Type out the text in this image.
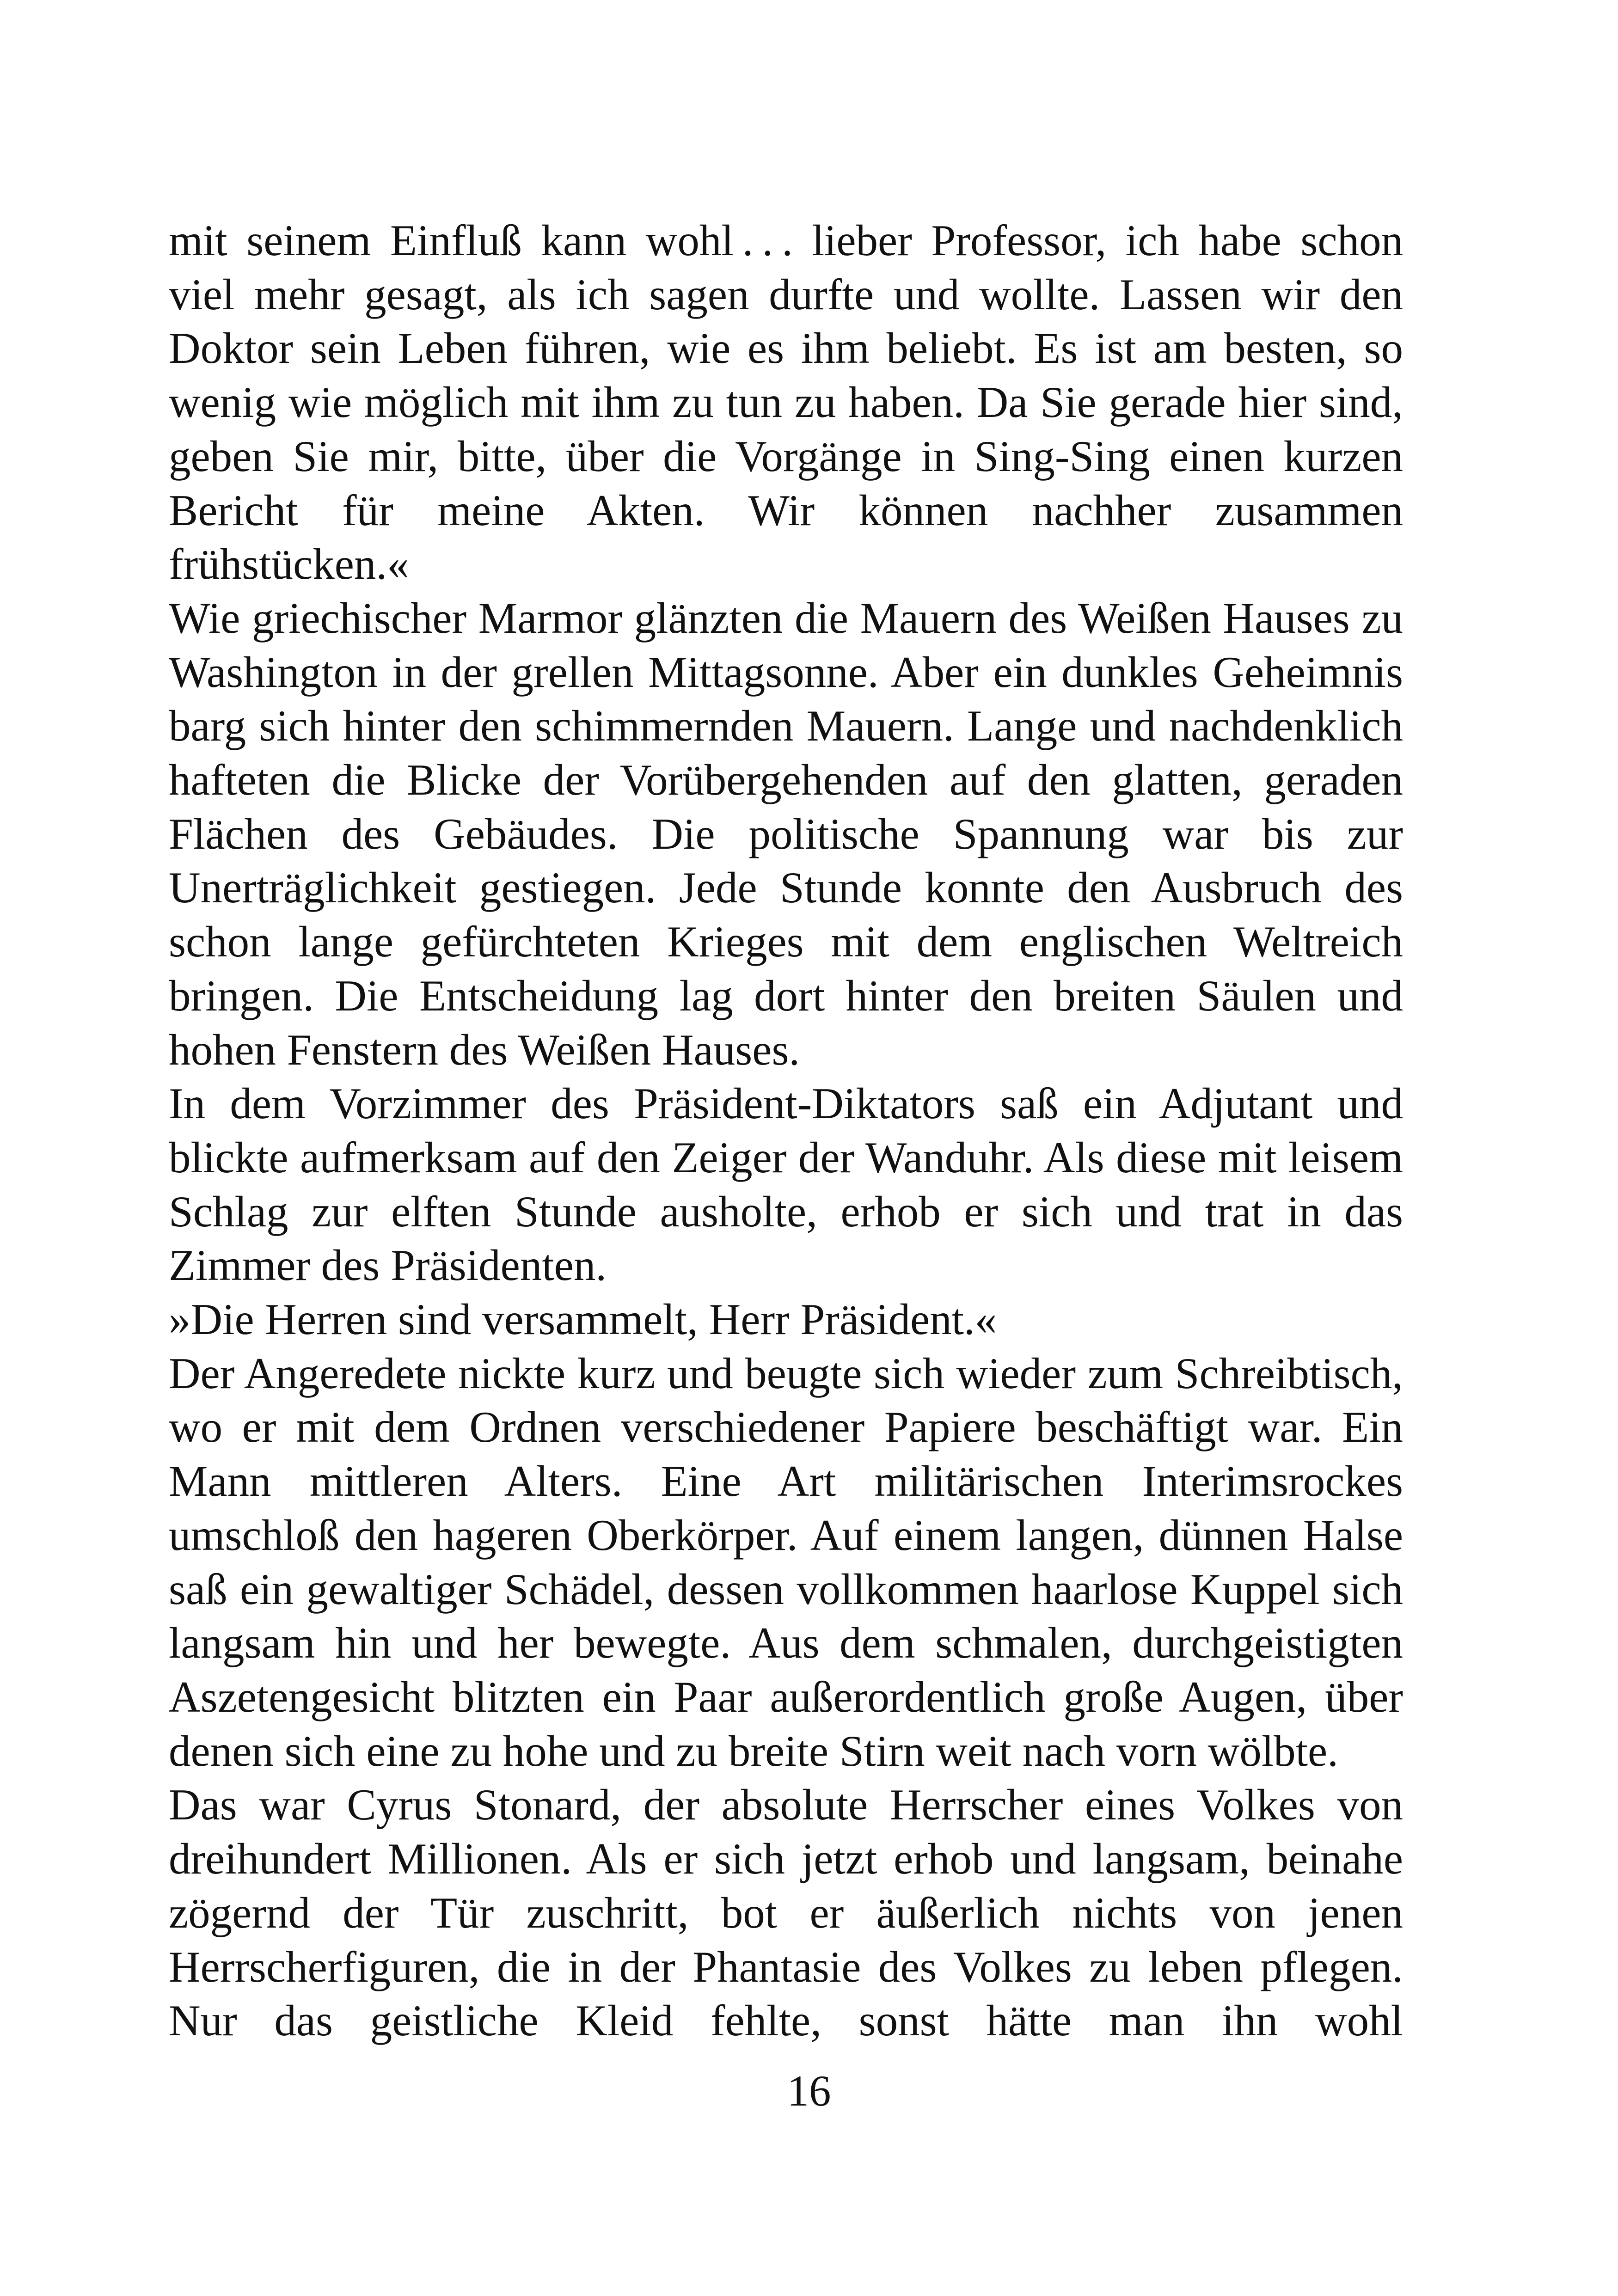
mit seinem Einfluß kann wohl . . . lieber Professor, ich habe schon viel mehr gesagt, als ich sagen durfte und wollte. Lassen wir den Doktor sein Leben führen, wie es ihm beliebt. Es ist am besten, so wenig wie möglich mit ihm zu tun zu haben. Da Sie gerade hier sind, geben Sie mir, bitte, über die Vorgänge in Sing-Sing einen kurzen Bericht für meine Akten. Wir können nachher zusammen frühstücken.«

Wie griechischer Marmor glänzten die Mauern des Weißen Hauses zu Washington in der grellen Mittagsonne. Aber ein dunkles Geheimnis barg sich hinter den schimmernden Mauern. Lange und nachdenklich hafteten die Blicke der Vorübergehenden auf den glatten, geraden Flächen des Gebäudes. Die politische Spannung war bis zur Unerträglichkeit gestiegen. Jede Stunde konnte den Ausbruch des schon lange gefürchteten Krieges mit dem englischen Weltreich bringen. Die Entscheidung lag dort hinter den breiten Säulen und hohen Fenstern des Weißen Hauses.

In dem Vorzimmer des Präsident-Diktators saß ein Adjutant und blickte aufmerksam auf den Zeiger der Wanduhr. Als diese mit leisem Schlag zur elften Stunde ausholte, erhob er sich und trat in das Zimmer des Präsidenten.

»Die Herren sind versammelt, Herr Präsident.«

Der Angeredete nickte kurz und beugte sich wieder zum Schreibtisch, wo er mit dem Ordnen verschiedener Papiere beschäftigt war. Ein Mann mittleren Alters. Eine Art militärischen Interimsrockes umschloß den hageren Oberkörper. Auf einem langen, dünnen Halse saß ein gewaltiger Schädel, dessen vollkommen haarlose Kuppel sich langsam hin und her bewegte. Aus dem schmalen, durchgeistigten Aszetengesicht blitzten ein Paar außerordentlich große Augen, über denen sich eine zu hohe und zu breite Stirn weit nach vorn wölbte.

Das war Cyrus Stonard, der absolute Herrscher eines Volkes von dreihundert Millionen. Als er sich jetzt erhob und langsam, beinahe zögernd der Tür zuschritt, bot er äußerlich nichts von jenen Herrscherfiguren, die in der Phantasie des Volkes zu leben pflegen. Nur das geistliche Kleid fehlte, sonst hätte man ihn wohl

16
